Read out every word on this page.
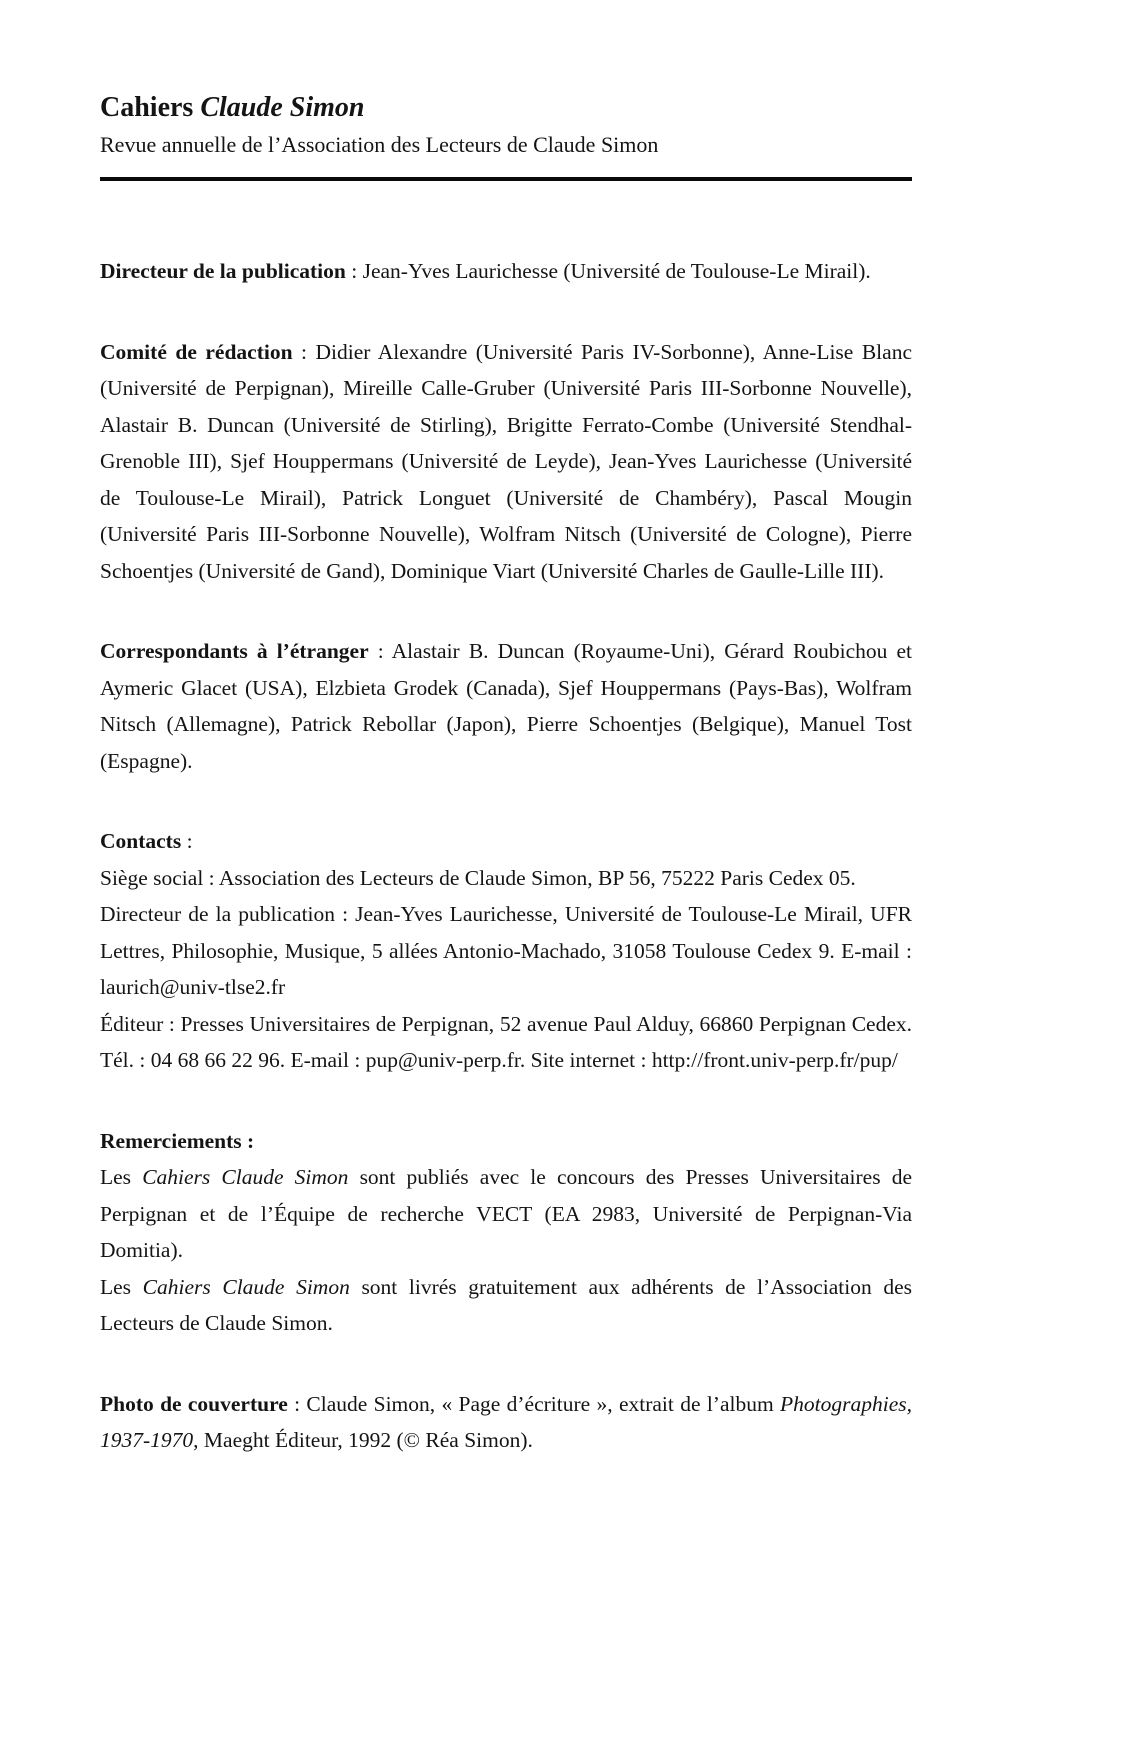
Cahiers Claude Simon
Revue annuelle de l’Association des Lecteurs de Claude Simon

Directeur de la publication : Jean-Yves Laurichesse (Université de Toulouse-Le Mirail).

Comité de rédaction : Didier Alexandre (Université Paris IV-Sorbonne), Anne-Lise Blanc (Université de Perpignan), Mireille Calle-Gruber (Université Paris III-Sorbonne Nouvelle), Alastair B. Duncan (Université de Stirling), Brigitte Ferrato-Combe (Université Stendhal-Grenoble III), Sjef Houppermans (Université de Leyde), Jean-Yves Laurichesse (Université de Toulouse-Le Mirail), Patrick Longuet (Université de Chambéry), Pascal Mougin (Université Paris III-Sorbonne Nouvelle), Wolfram Nitsch (Université de Cologne), Pierre Schoentjes (Université de Gand), Dominique Viart (Université Charles de Gaulle-Lille III).

Correspondants à l’étranger : Alastair B. Duncan (Royaume-Uni), Gérard Roubichou et Aymeric Glacet (USA), Elzbieta Grodek (Canada), Sjef Houppermans (Pays-Bas), Wolfram Nitsch (Allemagne), Patrick Rebollar (Japon), Pierre Schoentjes (Belgique), Manuel Tost (Espagne).

Contacts :
Siège social : Association des Lecteurs de Claude Simon, BP 56, 75222 Paris Cedex 05.
Directeur de la publication : Jean-Yves Laurichesse, Université de Toulouse-Le Mirail, UFR Lettres, Philosophie, Musique, 5 allées Antonio-Machado, 31058 Toulouse Cedex 9. E-mail : laurich@univ-tlse2.fr
Éditeur : Presses Universitaires de Perpignan, 52 avenue Paul Alduy, 66860 Perpignan Cedex. Tél. : 04 68 66 22 96. E-mail : pup@univ-perp.fr. Site internet : http://front.univ-perp.fr/pup/
Remerciements :
Les Cahiers Claude Simon sont publiés avec le concours des Presses Universitaires de Perpignan et de l’Équipe de recherche VECT (EA 2983, Université de Perpignan-Via Domitia).
Les Cahiers Claude Simon sont livrés gratuitement aux adhérents de l’Association des Lecteurs de Claude Simon.

Photo de couverture : Claude Simon, « Page d’écriture », extrait de l’album Photographies, 1937-1970, Maeght Éditeur, 1992 (© Réa Simon).
